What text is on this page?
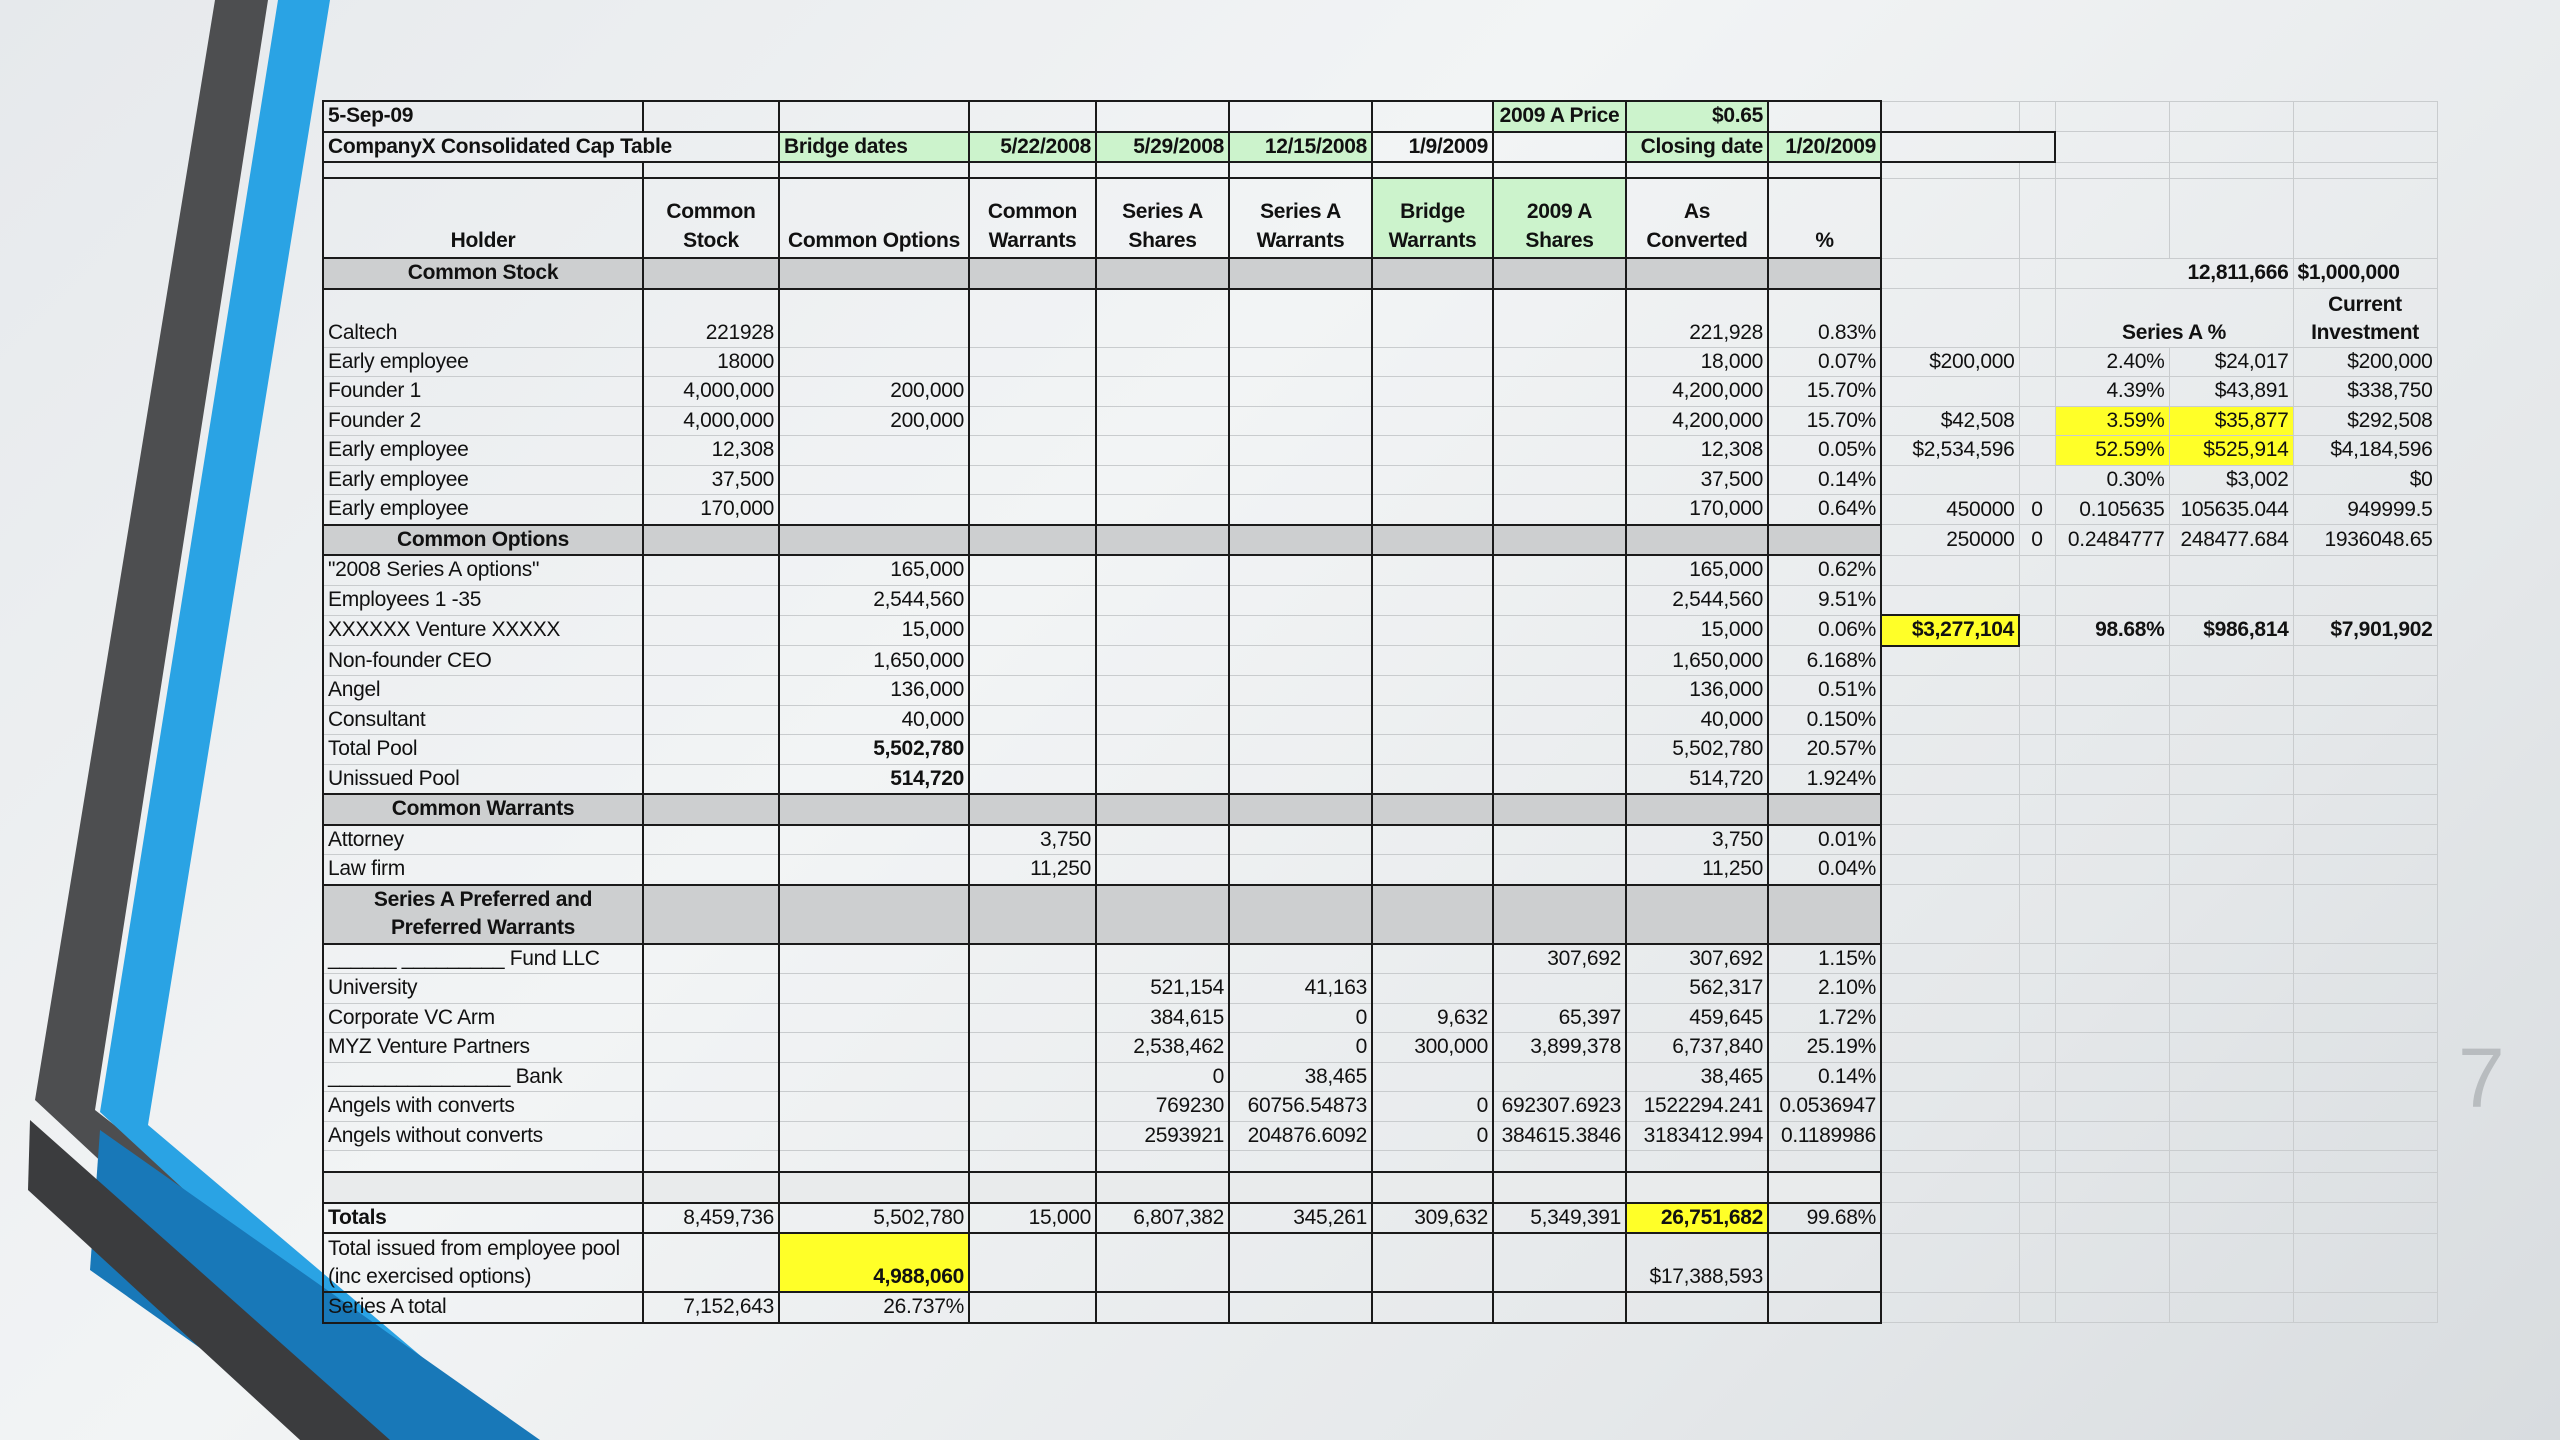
5-Sep-09							2009 A Price	$0.65						
CompanyX Consolidated Cap Table		Bridge dates	5/22/2008	5/29/2008	12/15/2008	1/9/2009		Closing date	1/20/2009					

Holder	Common Stock	Common Options	Common Warrants	Series A Shares	Series A Warrants	Bridge Warrants	2009 A Shares	As Converted	%					
Common Stock												12,811,666		$1,000,000
Caltech	221928							221,928	0.83%			Series A %		Current Investment
Early employee	18000							18,000	0.07%	$200,000		2.40%	$24,017	$200,000
Founder 1	4,000,000	200,000						4,200,000	15.70%			4.39%	$43,891	$338,750
Founder 2	4,000,000	200,000						4,200,000	15.70%	$42,508		3.59%	$35,877	$292,508
Early employee	12,308							12,308	0.05%	$2,534,596		52.59%	$525,914	$4,184,596
Early employee	37,500							37,500	0.14%			0.30%	$3,002	$0
Early employee	170,000							170,000	0.64%	450000	0	0.105635	105635.044	949999.5
Common Options										250000	0	0.2484777	248477.684	1936048.65
"2008 Series A options"		165,000						165,000	0.62%					
Employees 1 -35		2,544,560						2,544,560	9.51%					
XXXXXX Venture XXXXX		15,000						15,000	0.06%	$3,277,104		98.68%	$986,814	$7,901,902
Non-founder CEO		1,650,000						1,650,000	6.168%					
Angel		136,000						136,000	0.51%					
Consultant		40,000						40,000	0.150%					
Total Pool		5,502,780						5,502,780	20.57%					
Unissued Pool		514,720						514,720	1.924%					
Common Warrants														
Attorney			3,750					3,750	0.01%					
Law firm			11,250					11,250	0.04%					
Series A Preferred and Preferred Warrants														
______ _________ Fund LLC							307,692	307,692	1.15%					
University				521,154	41,163			562,317	2.10%					
Corporate VC Arm				384,615	0	9,632	65,397	459,645	1.72%					
MYZ Venture Partners				2,538,462	0	300,000	3,899,378	6,737,840	25.19%					
________________ Bank				0	38,465			38,465	0.14%					
Angels with converts				769230	60756.54873	0	692307.6923	1522294.241	0.0536947					
Angels without converts				2593921	204876.6092	0	384615.3846	3183412.994	0.1189986					

Totals	8,459,736	5,502,780	15,000	6,807,382	345,261	309,632	5,349,391	26,751,682	99.68%					
Total issued from employee pool (inc exercised options)		4,988,060						$17,388,593						
Series A total	7,152,643	26.737%												
7
